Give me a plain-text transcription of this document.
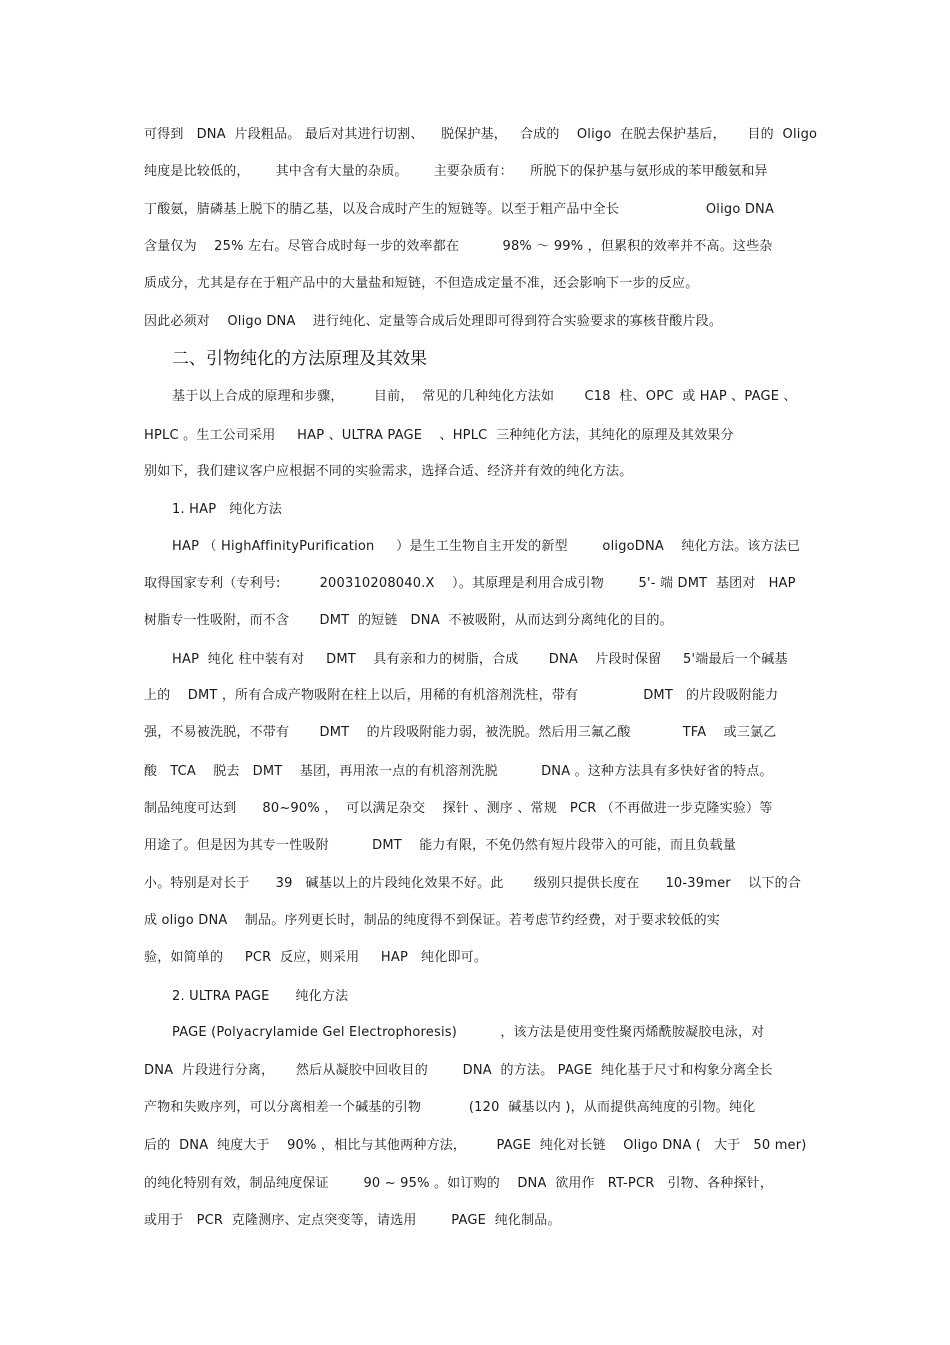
可得到   DNA  片段粗品。 最后对其进行切割、    脱保护基，   合成的    Oligo  在脱去保护基后，     目的  Oligo
纯度是比较低的，      其中含有大量的杂质。      主要杂质有：    所脱下的保护基与氨形成的苯甲酸氨和异
丁酸氨，腈磷基上脱下的腈乙基，以及合成时产生的短链等。以至于粗产品中全长                    Oligo DNA
含量仅为    25% 左右。尽管合成时每一步的效率都在          98% ～ 99% ，但累积的效率并不高。这些杂
质成分，尤其是存在于粗产品中的大量盐和短链，不但造成定量不准，还会影响下一步的反应。
因此必须对    Oligo DNA    进行纯化、定量等合成后处理即可得到符合实验要求的寡核苷酸片段。
二、引物纯化的方法原理及其效果
基于以上合成的原理和步骤，       目前，  常见的几种纯化方法如       C18  柱、OPC  或 HAP 、PAGE 、
HPLC 。生工公司采用     HAP 、ULTRA PAGE    、HPLC  三种纯化方法，其纯化的原理及其效果分
别如下，我们建议客户应根据不同的实验需求，选择合适、经济并有效的纯化方法。
1. HAP   纯化方法
HAP （ HighAffinityPurification     ）是生工生物自主开发的新型        oligoDNA    纯化方法。该方法已
取得国家专利（专利号:         200310208040.X    ）。其原理是利用合成引物        5'- 端 DMT  基团对   HAP
树脂专一性吸附，而不含       DMT  的短链   DNA  不被吸附，从而达到分离纯化的目的。
HAP  纯化 柱中装有对     DMT    具有亲和力的树脂，合成       DNA    片段时保留     5'端最后一个碱基
上的    DMT ，所有合成产物吸附在柱上以后，用稀的有机溶剂洗柱，带有               DMT   的片段吸附能力
强，不易被洗脱，不带有       DMT    的片段吸附能力弱，被洗脱。然后用三氟乙酸            TFA    或三氯乙
酸   TCA    脱去   DMT    基团，再用浓一点的有机溶剂洗脱          DNA 。这种方法具有多快好省的特点。
制品纯度可达到      80~90% ，  可以满足杂交    探针 、测序 、常规   PCR （不再做进一步克隆实验）等
用途了。但是因为其专一性吸附          DMT    能力有限，不免仍然有短片段带入的可能，而且负载量
小。特别是对长于      39   碱基以上的片段纯化效果不好。此       级别只提供长度在      10-39mer    以下的合
成 oligo DNA    制品。序列更长时，制品的纯度得不到保证。若考虑节约经费，对于要求较低的实
验，如简单的     PCR  反应，则采用     HAP   纯化即可。
2. ULTRA PAGE      纯化方法
PAGE (Polyacrylamide Gel Electrophoresis)          ，该方法是使用变性聚丙烯酰胺凝胶电泳，对
DNA  片段进行分离，     然后从凝胶中回收目的        DNA  的方法。 PAGE  纯化基于尺寸和构象分离全长
产物和失败序列，可以分离相差一个碱基的引物           (120  碱基以内 )，从而提供高纯度的引物。纯化
后的  DNA  纯度大于    90% ，相比与其他两种方法，       PAGE  纯化对长链    Oligo DNA (   大于   50 mer)
的纯化特别有效，制品纯度保证        90 ~ 95% 。如订购的    DNA  欲用作   RT-PCR   引物、各种探针，
或用于   PCR  克隆测序、定点突变等，请选用        PAGE  纯化制品。
